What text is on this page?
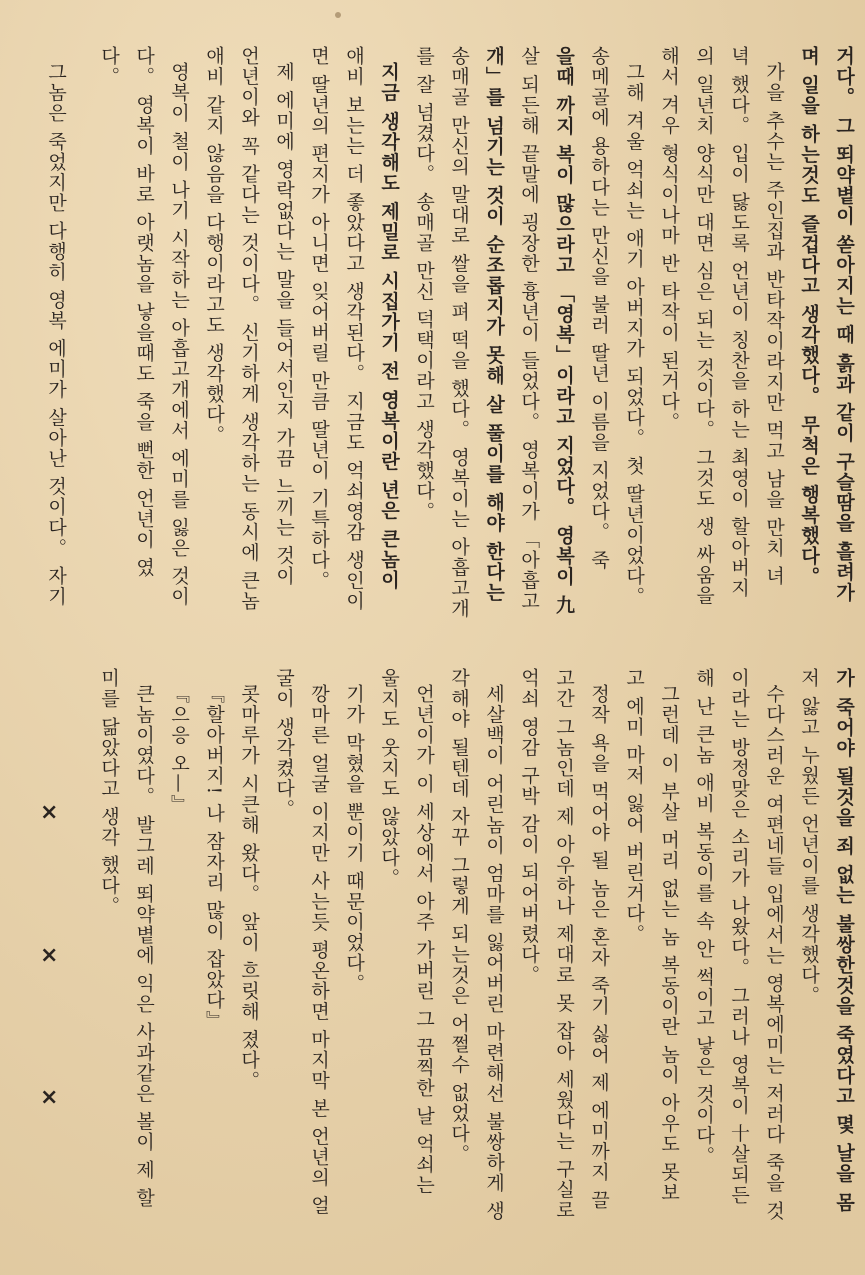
거다。 그 뙤약볕이 쏟아지는 때 흙과 같이 구슬땀을 흘려가
며 일을 하는것도 즐겁다고 생각했다。 무척은 행복했다。
가을 추수는 주인집과 반타작이라지만 먹고 남을 만치 녀
녁 했다。 입이 닳도록 언년이 칭찬을 하는 최영이 할아버지
의 일년치 양식만 대면 심은 되는 것이다。 그것도 생 싸움을
해서 겨우 형식이나마 반 타작이 된거다。
그해 겨울 억쇠는 애기 아버지가 되었다。 첫 딸년이었다。
송메골에 용하다는 만신을 불러 딸년 이름을 지었다。 죽
을때 까지 복이 많으라고 「영복」이라고 지었다。 영복이 九
살 되든해 끝말에 굉장한 흉년이 들었다。 영복이가 「아흡고
개」를 넘기는 것이 순조롭지가 못해 살 풀이를 해야 한다는
송매골 만신의 말대로 쌀을 펴 떡을 했다。 영복이는 아흡고개
를 잘 넘겼다。 송매골 만신 덕택이라고 생각했다。
지금 생각해도 제밀로 시집가기 전 영복이란 년은 큰놈이
애비 보는는 더 좋았다고 생각된다。 지금도 억쇠영감 생인이
면 딸년의 편지가 아니면 잊어버릴 만큼 딸년이 기특하다。
제 에미에 영락없다는 말을 들어서인지 가끔 느끼는 것이
언년이와 꼭 같다는 것이다。 신기하게 생각하는 동시에 큰놈
애비 같지 않음을 다행이라고도 생각했다。
영복이 철이 나기 시작하는 아흡고개에서 에미를 잃은 것이
다。 영복이 바로 아랫놈을 낳을때도 죽을 뻔한 언년이 였
다。
그놈은 죽었지만 다행히 영복 에미가 살아난 것이다。 자기
가 죽어야 될것을 죄 없는 불쌍한것을 죽였다고 몇 날을 몸
저 앓고 누웠든 언년이를 생각했다。
수다스러운 여편네들 입에서는 영복에미는 저러다 죽을 것
이라는 방정맞은 소리가 나왔다。 그러나 영복이 十살되든
해 난 큰놈 애비 복동이를 속 안 썩이고 낳은 것이다。
그런데 이 부살 머리 없는 놈 복동이란 놈이 아우도 못보
고 에미 마저 잃어 버린거다。
정작 욕을 먹어야 될 놈은 혼자 죽기 싫어 제 에미까지 끌
고간 그놈인데 제 아우하나 제대로 못 잡아 세웠다는 구실로
억쇠 영감 구박 감이 되어버렸다。
세살백이 어린놈이 엄마를 잃어버린 마련해선 불쌍하게 생
각해야 될텐데 자꾸 그렇게 되는것은 어쩔수 없었다。
언년이가 이 세상에서 아주 가버린 그 끔찍한 날 억쇠는
울지도 웃지도 않았다。
기가 막혔을 뿐이기 때문이었다。
깡마른 얼굴 이지만 사는듯 평온하면 마지막 본 언년의 얼
굴이 생각켰다。
콧마루가 시큰해 왔다。 앞이 흐릿해 졌다。
『할아버지! 나 잠자리 많이 잡았다』
『으응 오—』
큰놈이였다。 발그레 뙤약볕에 익은 사과같은 볼이 제 할
미를 닮았다고 생각 했다。
×
×
×
